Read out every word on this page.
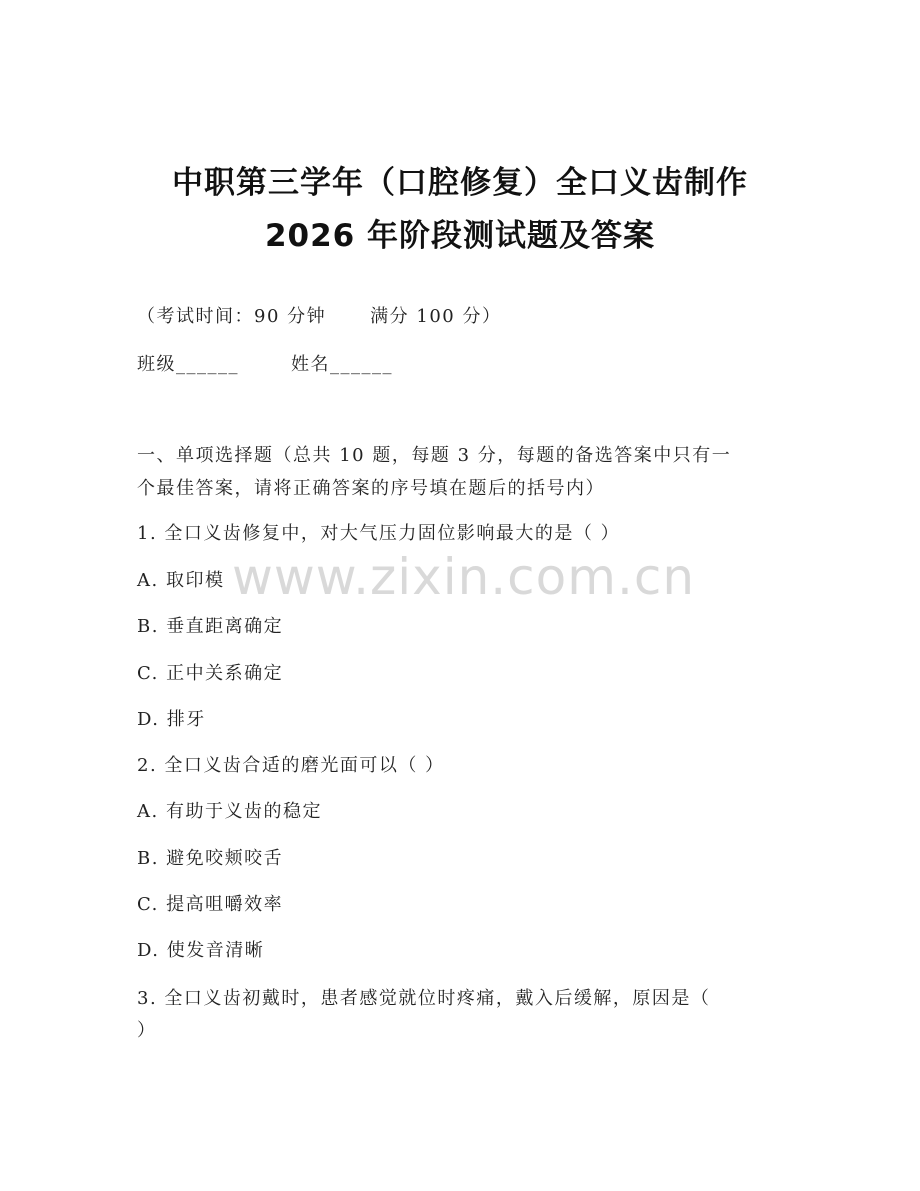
中职第三学年（口腔修复）全口义齿制作
2026 年阶段测试题及答案
（考试时间：90 分钟 满分 100 分）
班级______	姓名______
一、单项选择题（总共 10 题，每题 3 分，每题的备选答案中只有一
个最佳答案，请将正确答案的序号填在题后的括号内）
1. 全口义齿修复中，对大气压力固位影响最大的是（ ）
A. 取印模
B. 垂直距离确定
C. 正中关系确定
D. 排牙
2. 全口义齿合适的磨光面可以（ ）
A. 有助于义齿的稳定
B. 避免咬颊咬舌
C. 提高咀嚼效率
D. 使发音清晰
3. 全口义齿初戴时，患者感觉就位时疼痛，戴入后缓解，原因是（
）
www.zixin.com.cn
